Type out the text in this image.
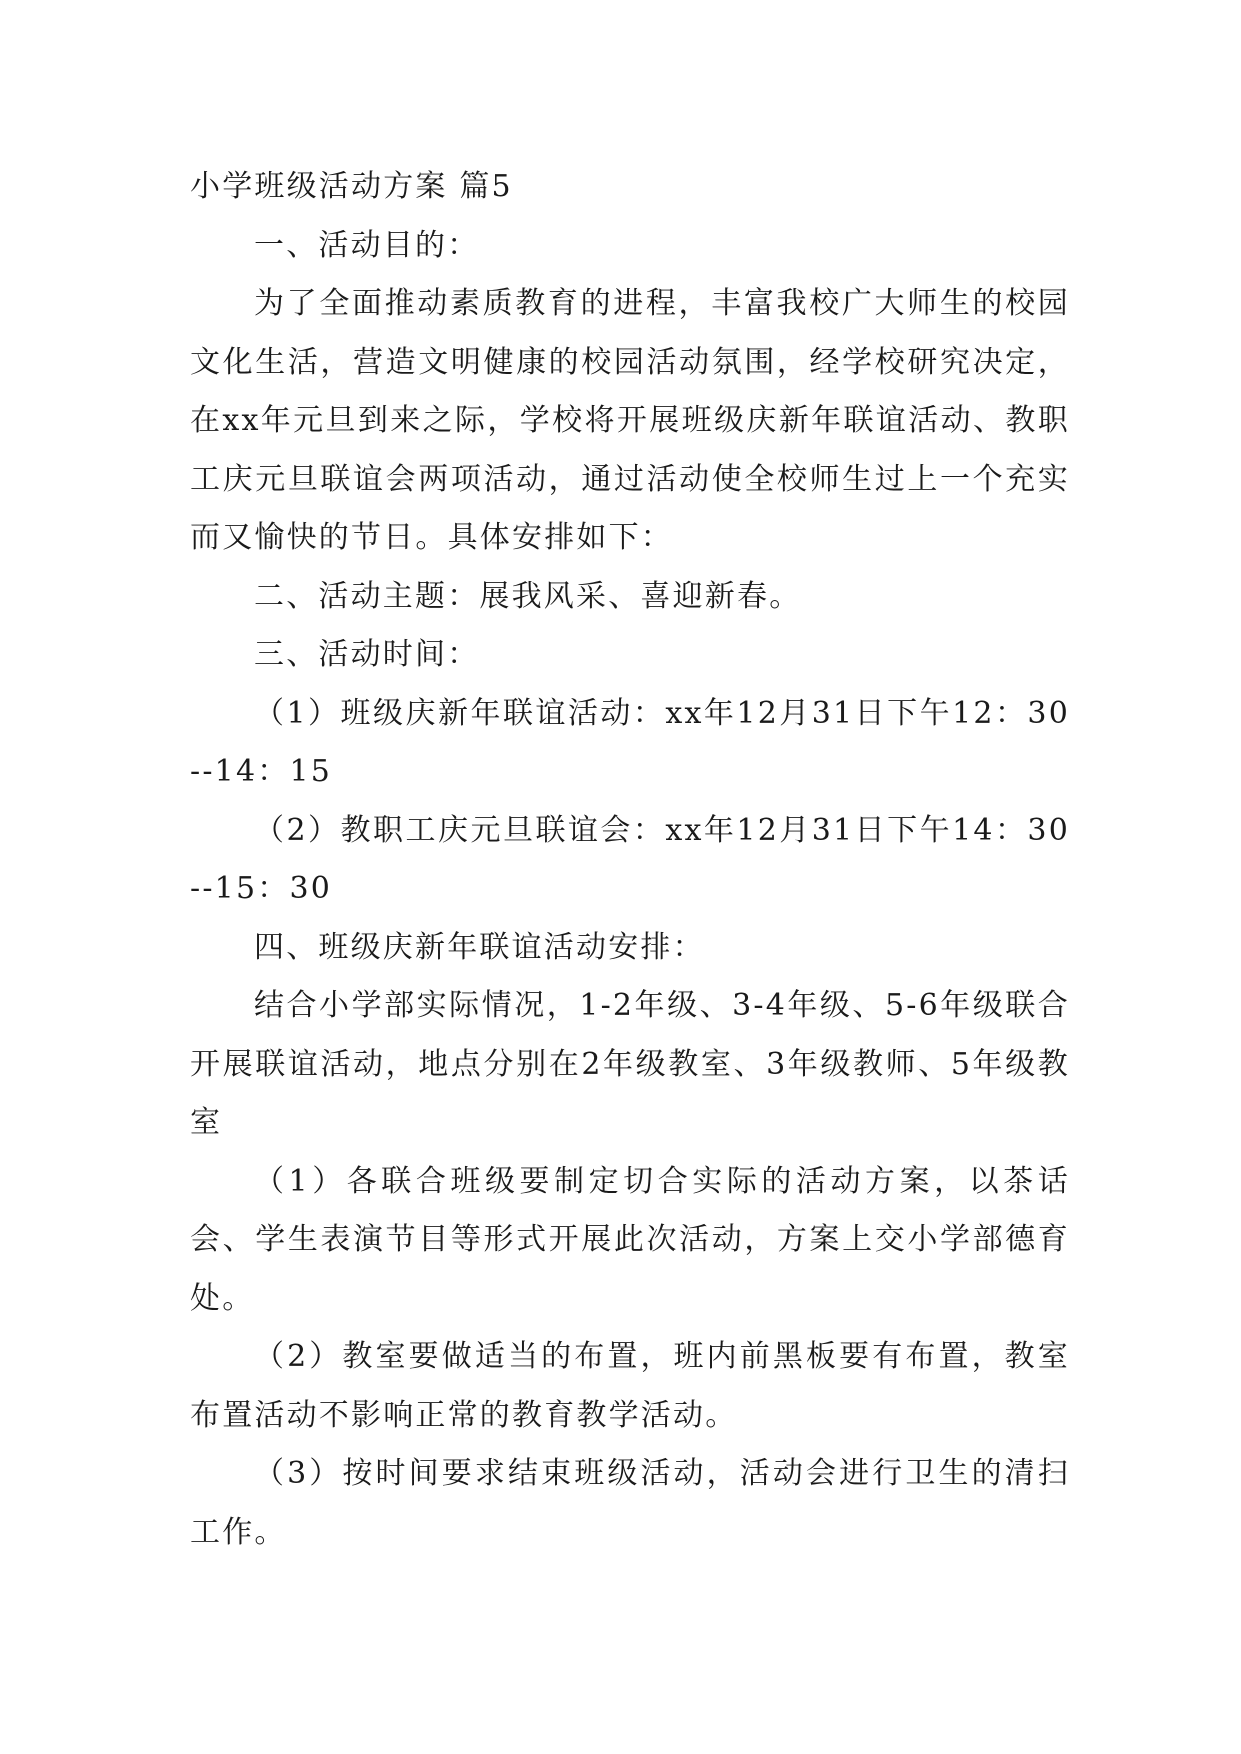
小学班级活动方案 篇5

一、活动目的：

为了全面推动素质教育的进程，丰富我校广大师生的校园文化生活，营造文明健康的校园活动氛围，经学校研究决定，在xx年元旦到来之际，学校将开展班级庆新年联谊活动、教职工庆元旦联谊会两项活动，通过活动使全校师生过上一个充实而又愉快的节日。具体安排如下：

二、活动主题：展我风采、喜迎新春。

三、活动时间：

（1）班级庆新年联谊活动：xx年12月31日下午12：30--14：15

（2）教职工庆元旦联谊会：xx年12月31日下午14：30--15：30

四、班级庆新年联谊活动安排：

结合小学部实际情况，1-2年级、3-4年级、5-6年级联合开展联谊活动，地点分别在2年级教室、3年级教师、5年级教室

（1）各联合班级要制定切合实际的活动方案，以茶话会、学生表演节目等形式开展此次活动，方案上交小学部德育处。

（2）教室要做适当的布置，班内前黑板要有布置，教室布置活动不影响正常的教育教学活动。

（3）按时间要求结束班级活动，活动会进行卫生的清扫工作。
